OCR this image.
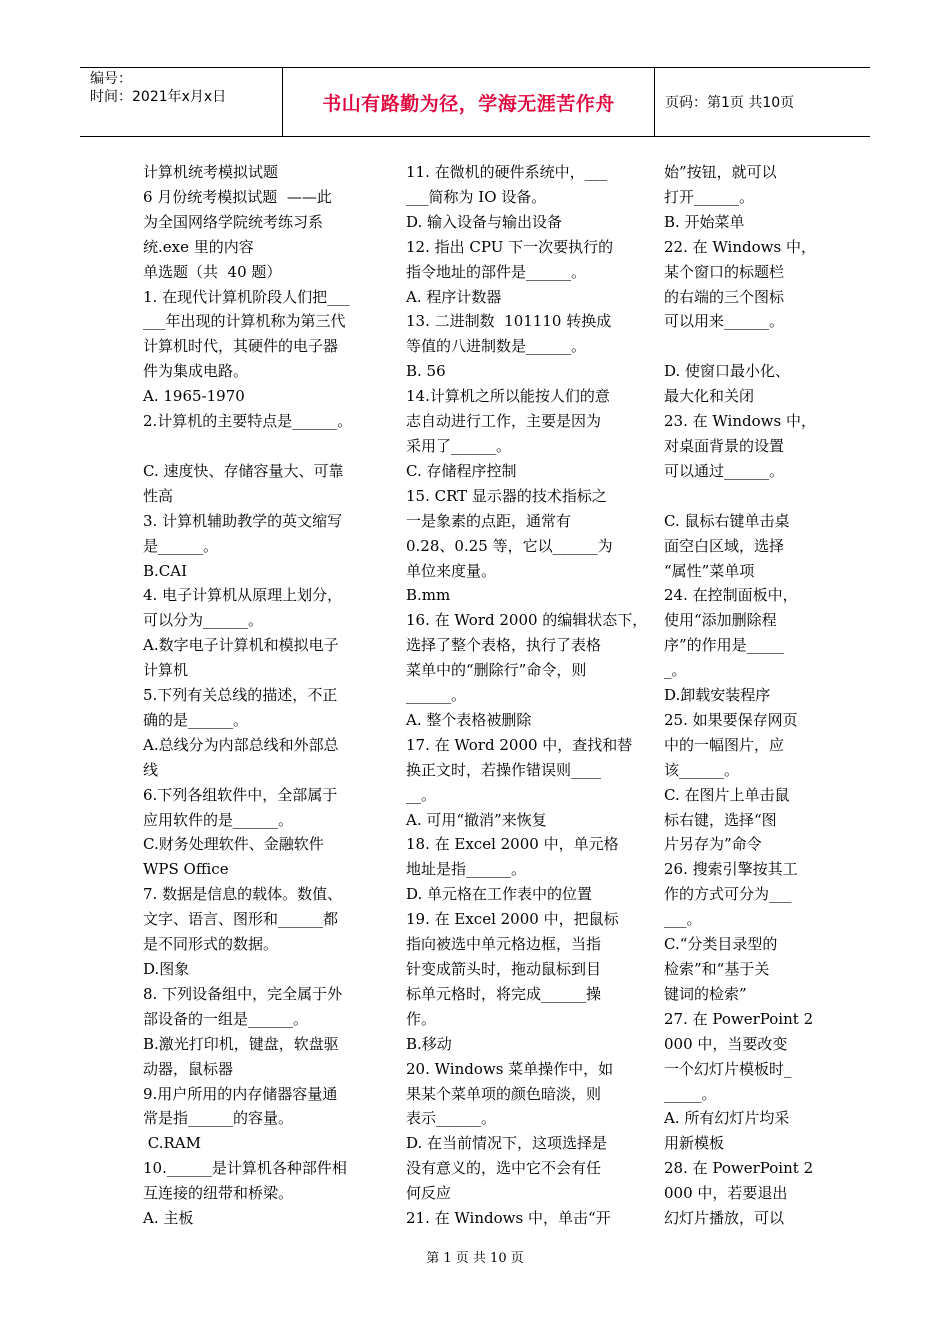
编号：
时间：2021年x月x日	书山有路勤为径，学海无涯苦作舟	页码：第1页 共10页
计算机统考模拟试题
6 月份统考模拟试题  ——此
为全国网络学院统考练习系
统.exe 里的内容
单选题（共  40 题）
1. 在现代计算机阶段人们把___
___年出现的计算机称为第三代
计算机时代，其硬件的电子器
件为集成电路。
A. 1965-1970
2.计算机的主要特点是______。

C. 速度快、存储容量大、可靠
性高
3. 计算机辅助教学的英文缩写
是______。
B.CAI
4. 电子计算机从原理上划分，
可以分为______。
A.数字电子计算机和模拟电子
计算机
5.下列有关总线的描述，不正
确的是______。
A.总线分为内部总线和外部总
线
6.下列各组软件中，全部属于
应用软件的是______。
C.财务处理软件、金融软件
WPS Office
7. 数据是信息的载体。数值、
文字、语言、图形和______都
是不同形式的数据。
D.图象
8. 下列设备组中，完全属于外
部设备的一组是______。
B.激光打印机，键盘，软盘驱
动器，鼠标器
9.用户所用的内存储器容量通
常是指______的容量。
C.RAM
10.______是计算机各种部件相
互连接的纽带和桥梁。
A. 主板
11. 在微机的硬件系统中，___
___简称为 IO 设备。
D. 输入设备与输出设备
12. 指出 CPU 下一次要执行的
指令地址的部件是______。
A. 程序计数器
13. 二进制数  101110 转换成
等值的八进制数是______。
B. 56
14.计算机之所以能按人们的意
志自动进行工作，主要是因为
采用了______。
C. 存储程序控制
15. CRT 显示器的技术指标之
一是象素的点距，通常有
0.28、0.25 等，它以______为
单位来度量。
B.mm
16. 在 Word 2000 的编辑状态下，
选择了整个表格，执行了表格
菜单中的“删除行”命令，则
______。
A. 整个表格被删除
17. 在 Word 2000 中，查找和替
换正文时，若操作错误则____
__。
A. 可用“撤消”来恢复
18. 在 Excel 2000 中，单元格
地址是指______。
D. 单元格在工作表中的位置
19. 在 Excel 2000 中，把鼠标
指向被选中单元格边框，当指
针变成箭头时，拖动鼠标到目
标单元格时，将完成______操
作。
B.移动
20. Windows 菜单操作中，如
果某个菜单项的颜色暗淡，则
表示______。
D. 在当前情况下，这项选择是
没有意义的，选中它不会有任
何反应
21. 在 Windows 中，单击“开
始”按钮，就可以
打开______。
B. 开始菜单
22. 在 Windows 中，
某个窗口的标题栏
的右端的三个图标
可以用来______。

D. 使窗口最小化、
最大化和关闭
23. 在 Windows 中，
对桌面背景的设置
可以通过______。

C. 鼠标右键单击桌
面空白区域，选择
“属性”菜单项
24. 在控制面板中，
使用“添加删除程
序”的作用是_____
_。
D.卸载安装程序
25. 如果要保存网页
中的一幅图片，应
该______。
C. 在图片上单击鼠
标右键，选择“图
片另存为”命令
26. 搜索引擎按其工
作的方式可分为___
___。
C.“分类目录型的
检索”和“基于关
键词的检索”
27. 在 PowerPoint 2
000 中，当要改变
一个幻灯片模板时_
_____。
A. 所有幻灯片均采
用新模板
28. 在 PowerPoint 2
000 中，若要退出
幻灯片播放，可以
第 1 页 共 10 页
